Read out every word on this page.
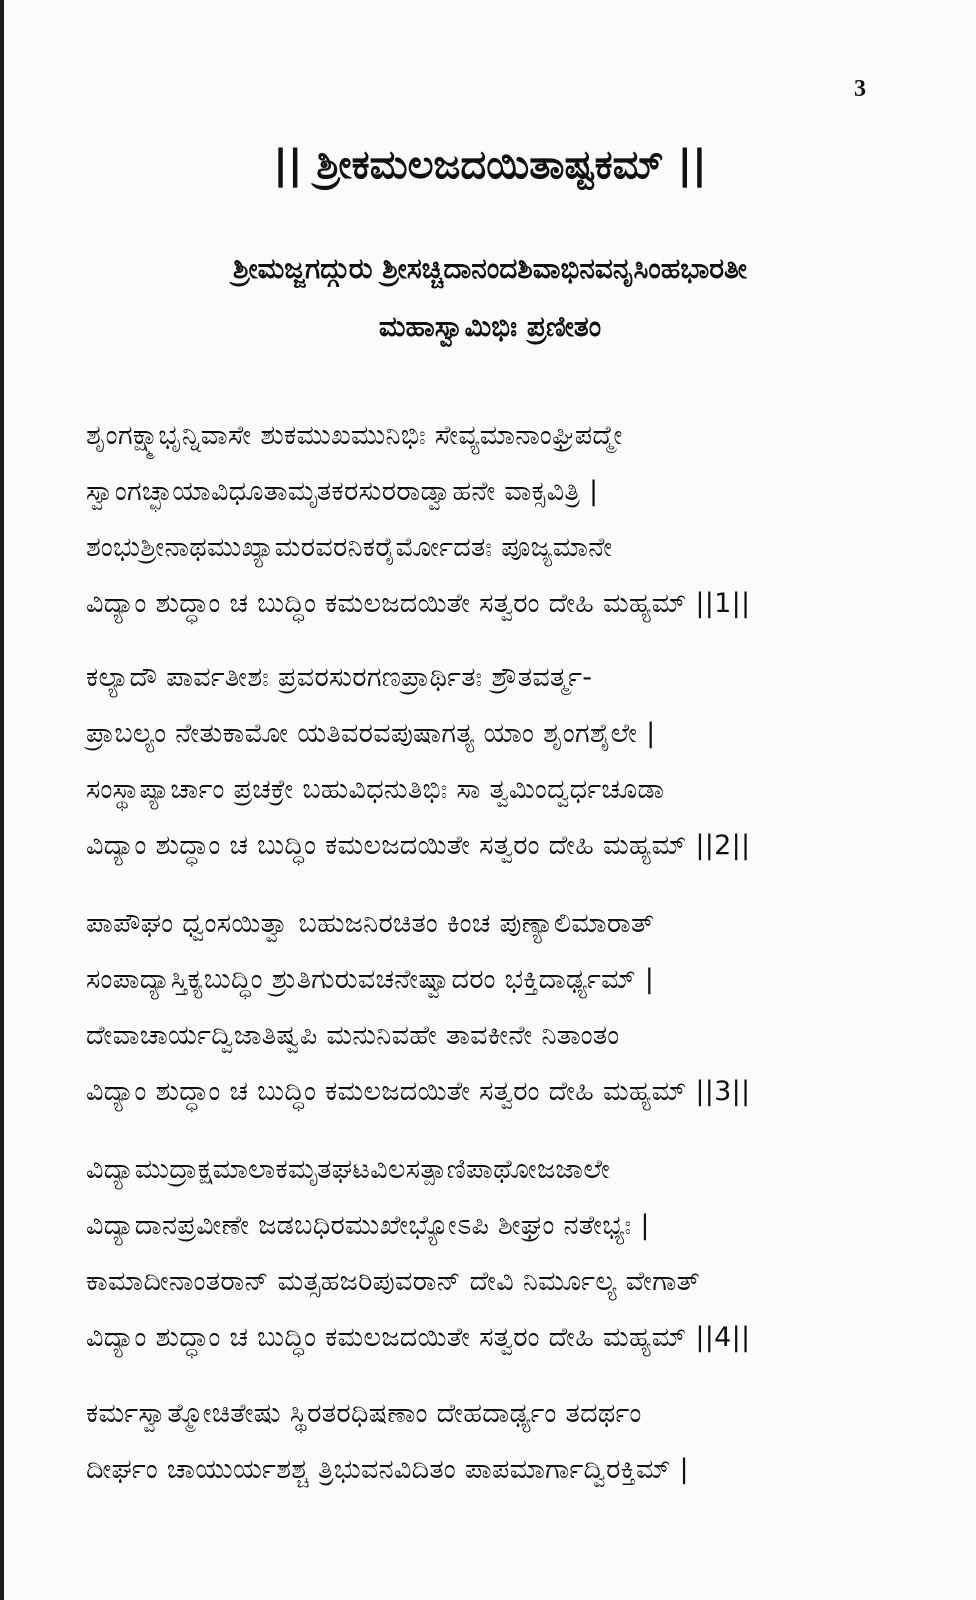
3
|| ಶ್ರೀಕಮಲಜದಯಿತಾಷ್ಟಕಮ್ ||
ಶ್ರೀಮಜ್ಜಗದ್ಗುರು ಶ್ರೀಸಚ್ಚಿದಾನಂದಶಿವಾಭಿನವನೃಸಿಂಹಭಾರತೀ
ಮಹಾಸ್ವಾಮಿಭಿಃ ಪ್ರಣೀತಂ
ಶೃಂಗಕ್ಷ್ಮಾಭೃನ್ನಿವಾಸೇ ಶುಕಮುಖಮುನಿಭಿಃ ಸೇವ್ಯಮಾನಾಂಘ್ರಿಪದ್ಮೇ
ಸ್ವಾಂಗಚ್ಛಾಯಾವಿಧೂತಾಮೃತಕರಸುರರಾಡ್ವಾಹನೇ ವಾಕ್ಸವಿತ್ರಿ |
ಶಂಭುಶ್ರೀನಾಥಮುಖ್ಯಾಮರವರನಿಕರೈರ್ಮೋದತಃ ಪೂಜ್ಯಮಾನೇ
ವಿದ್ಯಾಂ ಶುದ್ಧಾಂ ಚ ಬುದ್ಧಿಂ ಕಮಲಜದಯಿತೇ ಸತ್ವರಂ ದೇಹಿ ಮಹ್ಯಮ್ ||1||
ಕಲ್ಯಾದೌ ಪಾರ್ವತೀಶಃ ಪ್ರವರಸುರಗಣಪ್ರಾರ್ಥಿತಃ ಶ್ರೌತವರ್ತ್ಮ-
ಪ್ರಾಬಲ್ಯಂ ನೇತುಕಾಮೋ ಯತಿವರವಪುಷಾಗತ್ಯ ಯಾಂ ಶೃಂಗಶೈಲೇ |
ಸಂಸ್ಥಾಪ್ಯಾರ್ಚಾಂ ಪ್ರಚಕ್ರೇ ಬಹುವಿಧನುತಿಭಿಃ ಸಾ ತ್ವಮಿಂದ್ವರ್ಧಚೂಡಾ
ವಿದ್ಯಾಂ ಶುದ್ಧಾಂ ಚ ಬುದ್ಧಿಂ ಕಮಲಜದಯಿತೇ ಸತ್ವರಂ ದೇಹಿ ಮಹ್ಯಮ್ ||2||
ಪಾಪೌಘಂ ಧ್ವಂಸಯಿತ್ವಾ ಬಹುಜನಿರಚಿತಂ ಕಿಂಚ ಪುಣ್ಯಾಲಿಮಾರಾತ್
ಸಂಪಾದ್ಯಾಸ್ತಿಕ್ಯಬುದ್ಧಿಂ ಶ್ರುತಿಗುರುವಚನೇಷ್ವಾದರಂ ಭಕ್ತಿದಾರ್ಢ್ಯಮ್ |
ದೇವಾಚಾರ್ಯದ್ವಿಜಾತಿಷ್ವಪಿ ಮನುನಿವಹೇ ತಾವಕೀನೇ ನಿತಾಂತಂ
ವಿದ್ಯಾಂ ಶುದ್ಧಾಂ ಚ ಬುದ್ಧಿಂ ಕಮಲಜದಯಿತೇ ಸತ್ವರಂ ದೇಹಿ ಮಹ್ಯಮ್ ||3||
ವಿದ್ಯಾಮುದ್ರಾಕ್ಷಮಾಲಾಕಮೃತಘಟವಿಲಸತ್ಪಾಣಿಪಾಥೋಜಜಾಲೇ
ವಿದ್ಯಾದಾನಪ್ರವೀಣೇ ಜಡಬಧಿರಮುಖೇಭ್ಯೋಽಪಿ ಶೀಘ್ರಂ ನತೇಭ್ಯಃ |
ಕಾಮಾದೀನಾಂತರಾನ್ ಮತ್ಸಹಜರಿಪುವರಾನ್ ದೇವಿ ನಿರ್ಮೂಲ್ಯ ವೇಗಾತ್
ವಿದ್ಯಾಂ ಶುದ್ಧಾಂ ಚ ಬುದ್ಧಿಂ ಕಮಲಜದಯಿತೇ ಸತ್ವರಂ ದೇಹಿ ಮಹ್ಯಮ್ ||4||
ಕರ್ಮಸ್ವಾತ್ಮೋಚಿತೇಷು ಸ್ಥಿರತರಧಿಷಣಾಂ ದೇಹದಾರ್ಢ್ಯಂ ತದರ್ಥಂ
ದೀರ್ಘಂ ಚಾಯುರ್ಯಶಶ್ಚ ತ್ರಿಭುವನವಿದಿತಂ ಪಾಪಮಾರ್ಗಾದ್ವಿರಕ್ತಿಮ್ |
